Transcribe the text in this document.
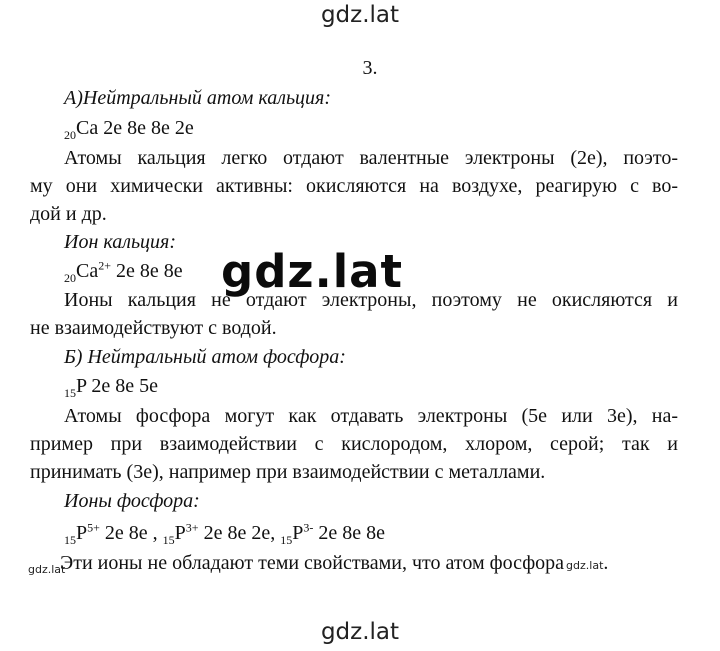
gdz.lat
gdz.lat
gdz.lat
3.
А)Нейтральный атом кальция:
$_{20}$Ca 2e 8e 8e 2e
Атомы кальция легко отдают валентные электроны (2е), поэто-
му они химически активны: окисляются на воздухе, реагирую с во-
дой и др.
Ион кальция:
$_{20}Ca^{2+}$ 2e 8e 8e
Ионы кальция не отдают электроны, поэтому не окисляются и
не взаимодействуют с водой.
Б) Нейтральный атом фосфора:
$_{15}$P 2e 8e 5e
Атомы фосфора могут как отдавать электроны (5е или 3е), на-
пример при взаимодействии с кислородом, хлором, серой; так и
принимать (3е), например при взаимодействии с металлами.
Ионы фосфора:
$_{15}P^{5+}$ 2e 8e , $_{15}P^{3+}$ 2e 8e 2e, $_{15}P^{3-}$ 2e 8e 8e
gdz.lat
Эти ионы не обладают теми свойствами, что атом фосфора gdz.lat.
